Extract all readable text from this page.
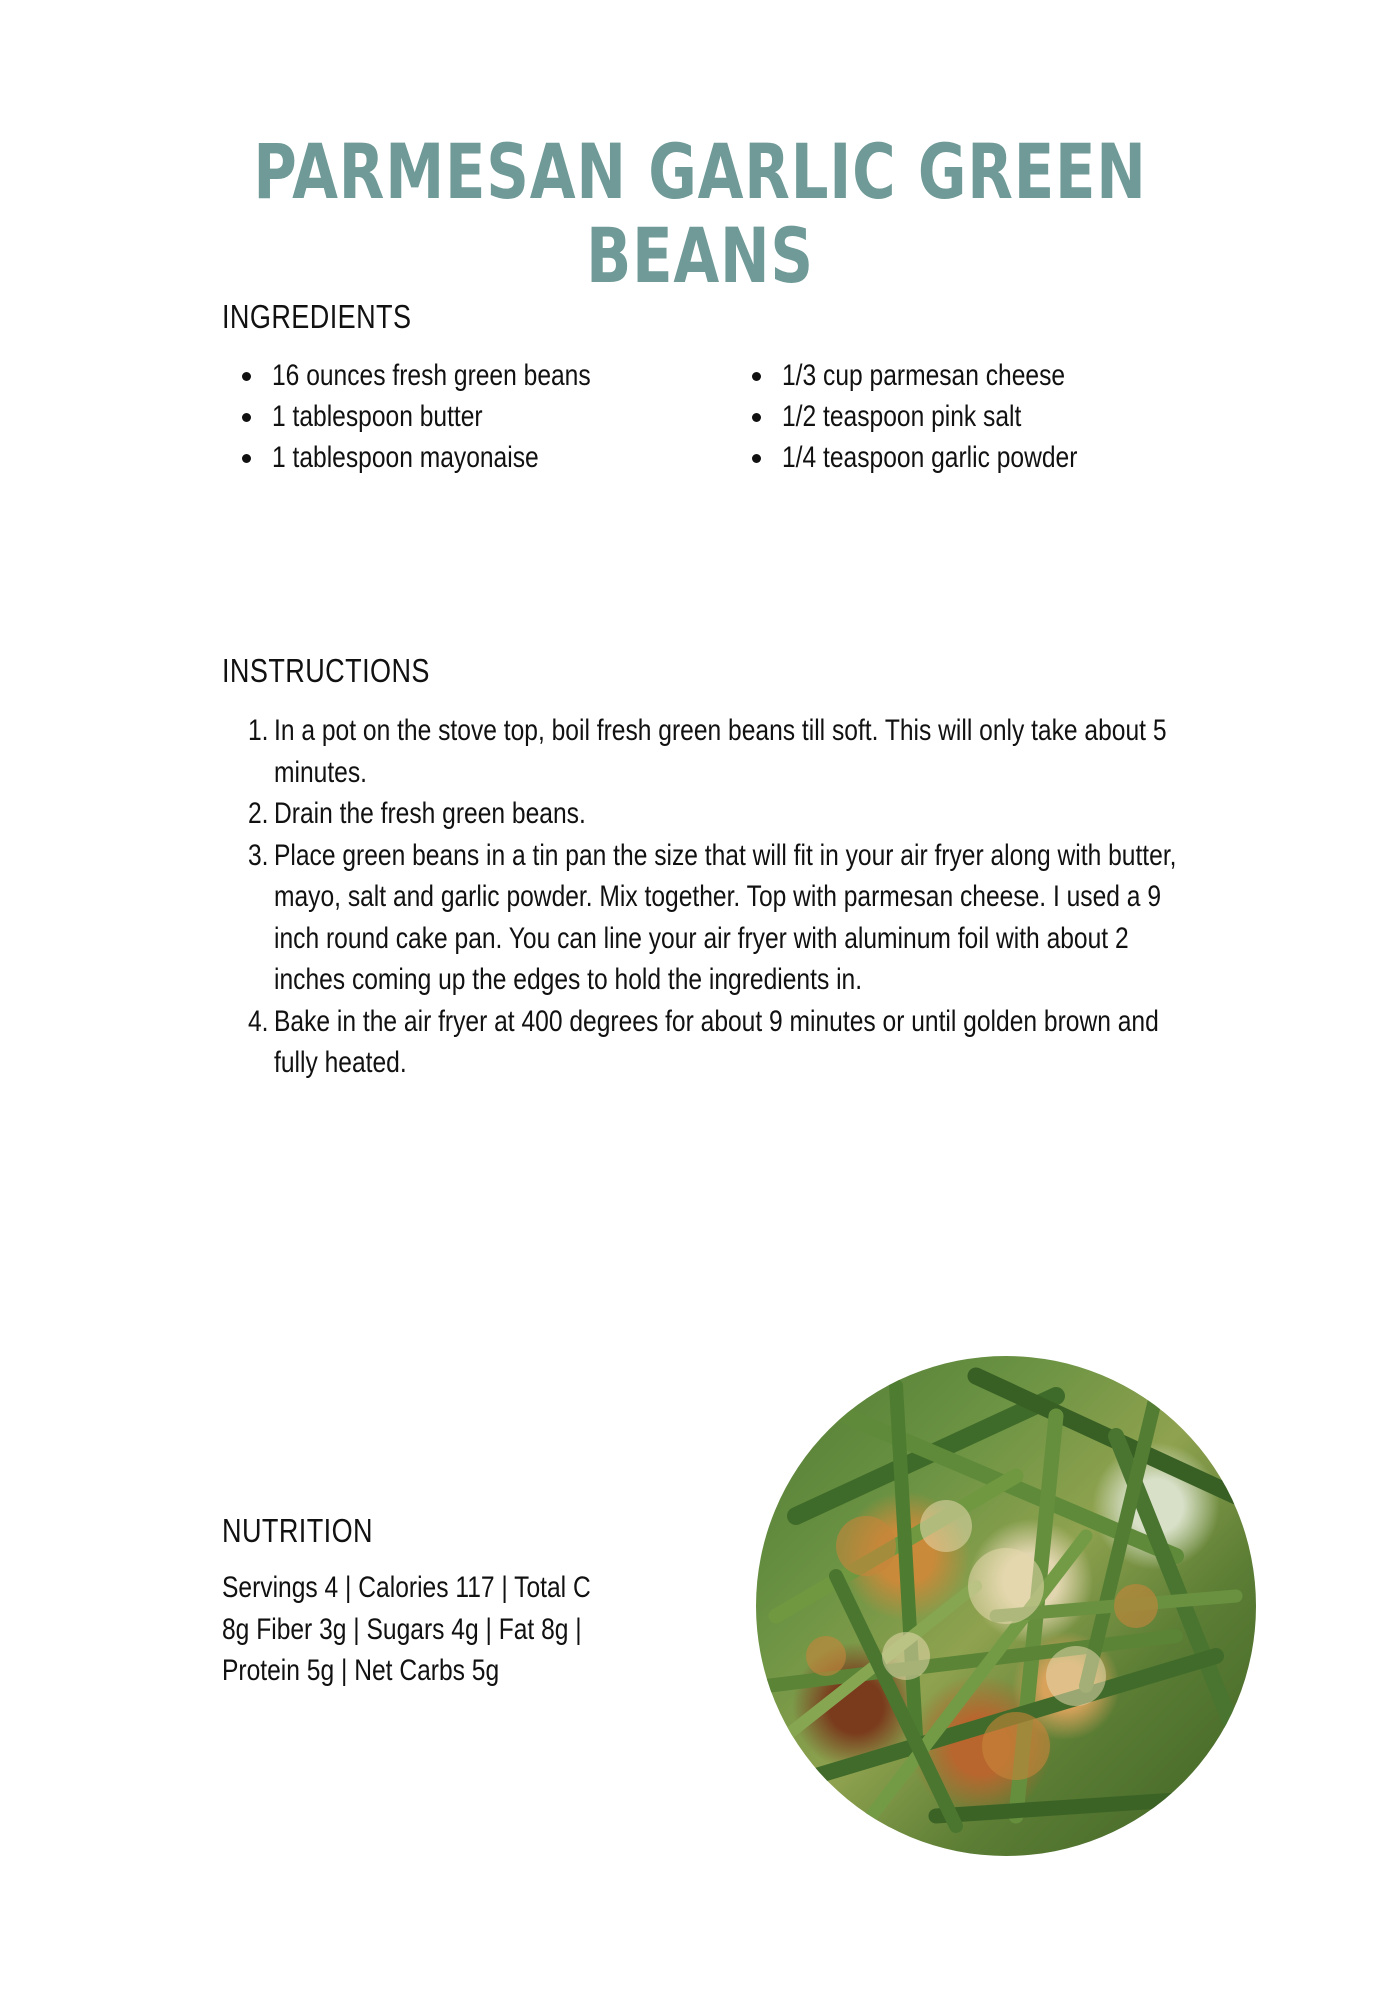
PARMESAN GARLIC GREEN BEANS
INGREDIENTS
16 ounces fresh green beans
1 tablespoon butter
1 tablespoon mayonaise
1/3 cup parmesan cheese
1/2 teaspoon pink salt
1/4 teaspoon garlic powder
INSTRUCTIONS
1. In a pot on the stove top, boil fresh green beans till soft. This will only take about 5 minutes.
2. Drain the fresh green beans.
3. Place green beans in a tin pan the size that will fit in your air fryer along with butter, mayo, salt and garlic powder. Mix together. Top with parmesan cheese. I used a 9 inch round cake pan. You can line your air fryer with aluminum foil with about 2 inches coming up the edges to hold the ingredients in.
4. Bake in the air fryer at 400 degrees for about 9 minutes or until golden brown and fully heated.
NUTRITION

Servings 4 | Calories 117 | Total C 8g Fiber 3g | Sugars 4g | Fat 8g | Protein 5g | Net Carbs 5g
